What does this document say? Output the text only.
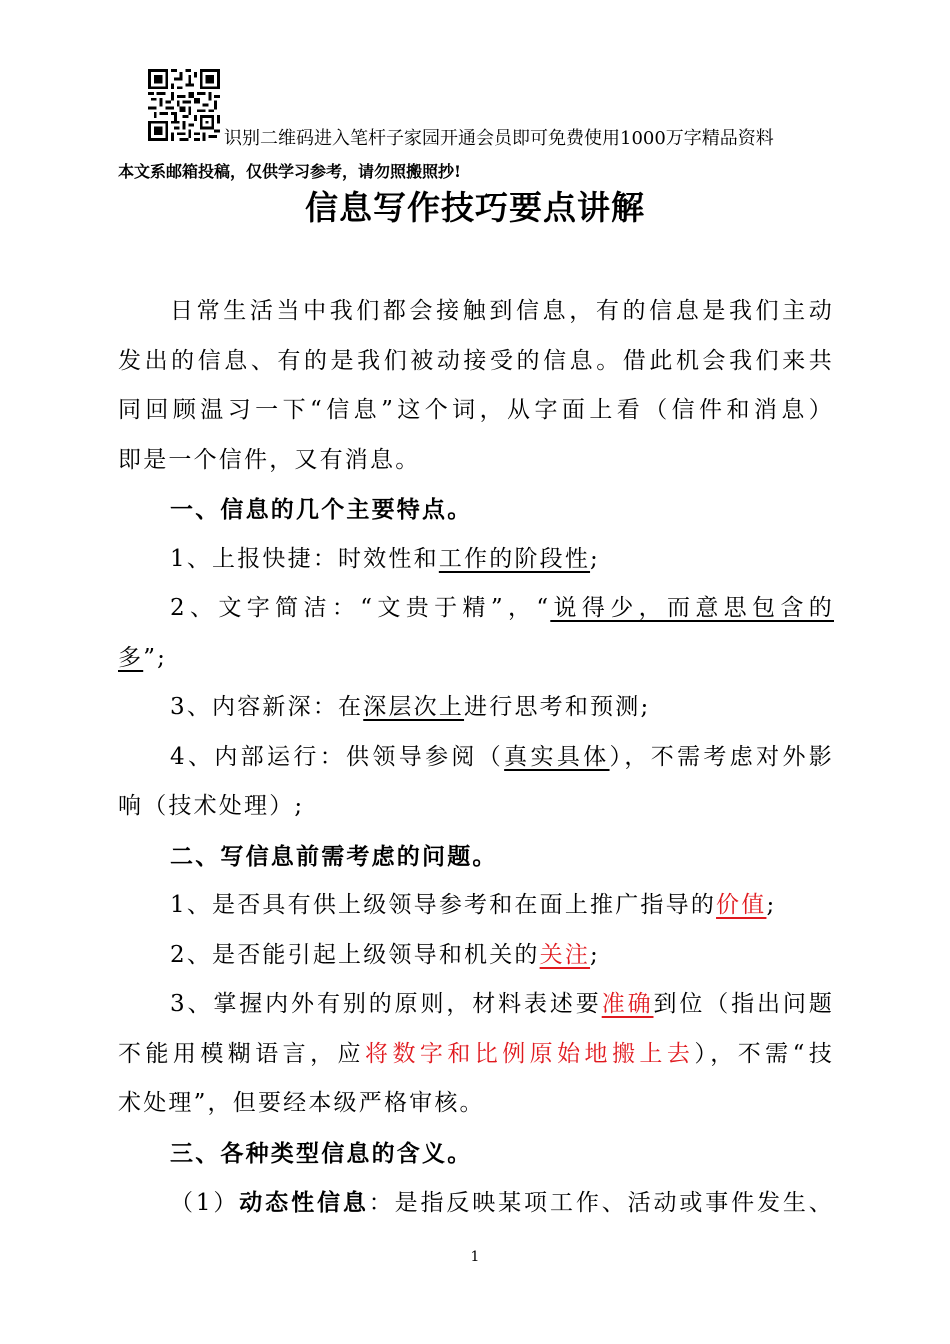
识别二维码进入笔杆子家园开通会员即可免费使用1000万字精品资料
本文系邮箱投稿，仅供学习参考，请勿照搬照抄!
信息写作技巧要点讲解

日常生活当中我们都会接触到信息，有的信息是我们主动

发出的信息、有的是我们被动接受的信息。借此机会我们来共

同回顾温习一下“信息”这个词，从字面上看（信件和消息）

即是一个信件，又有消息。

一、信息的几个主要特点。

1、上报快捷：时效性和工作的阶段性;

2、文字简洁：“文贵于精”，“说得少，而意思包含的

多”;

3、内容新深：在深层次上进行思考和预测;

4、内部运行：供领导参阅（真实具体），不需考虑对外影

响（技术处理）;

二、写信息前需考虑的问题。

1、是否具有供上级领导参考和在面上推广指导的价值;

2、是否能引起上级领导和机关的关注;

3、掌握内外有别的原则，材料表述要准确到位（指出问题

不能用模糊语言，应将数字和比例原始地搬上去），不需“技

术处理”，但要经本级严格审核。

三、各种类型信息的含义。

（1）动态性信息：是指反映某项工作、活动或事件发生、

1
